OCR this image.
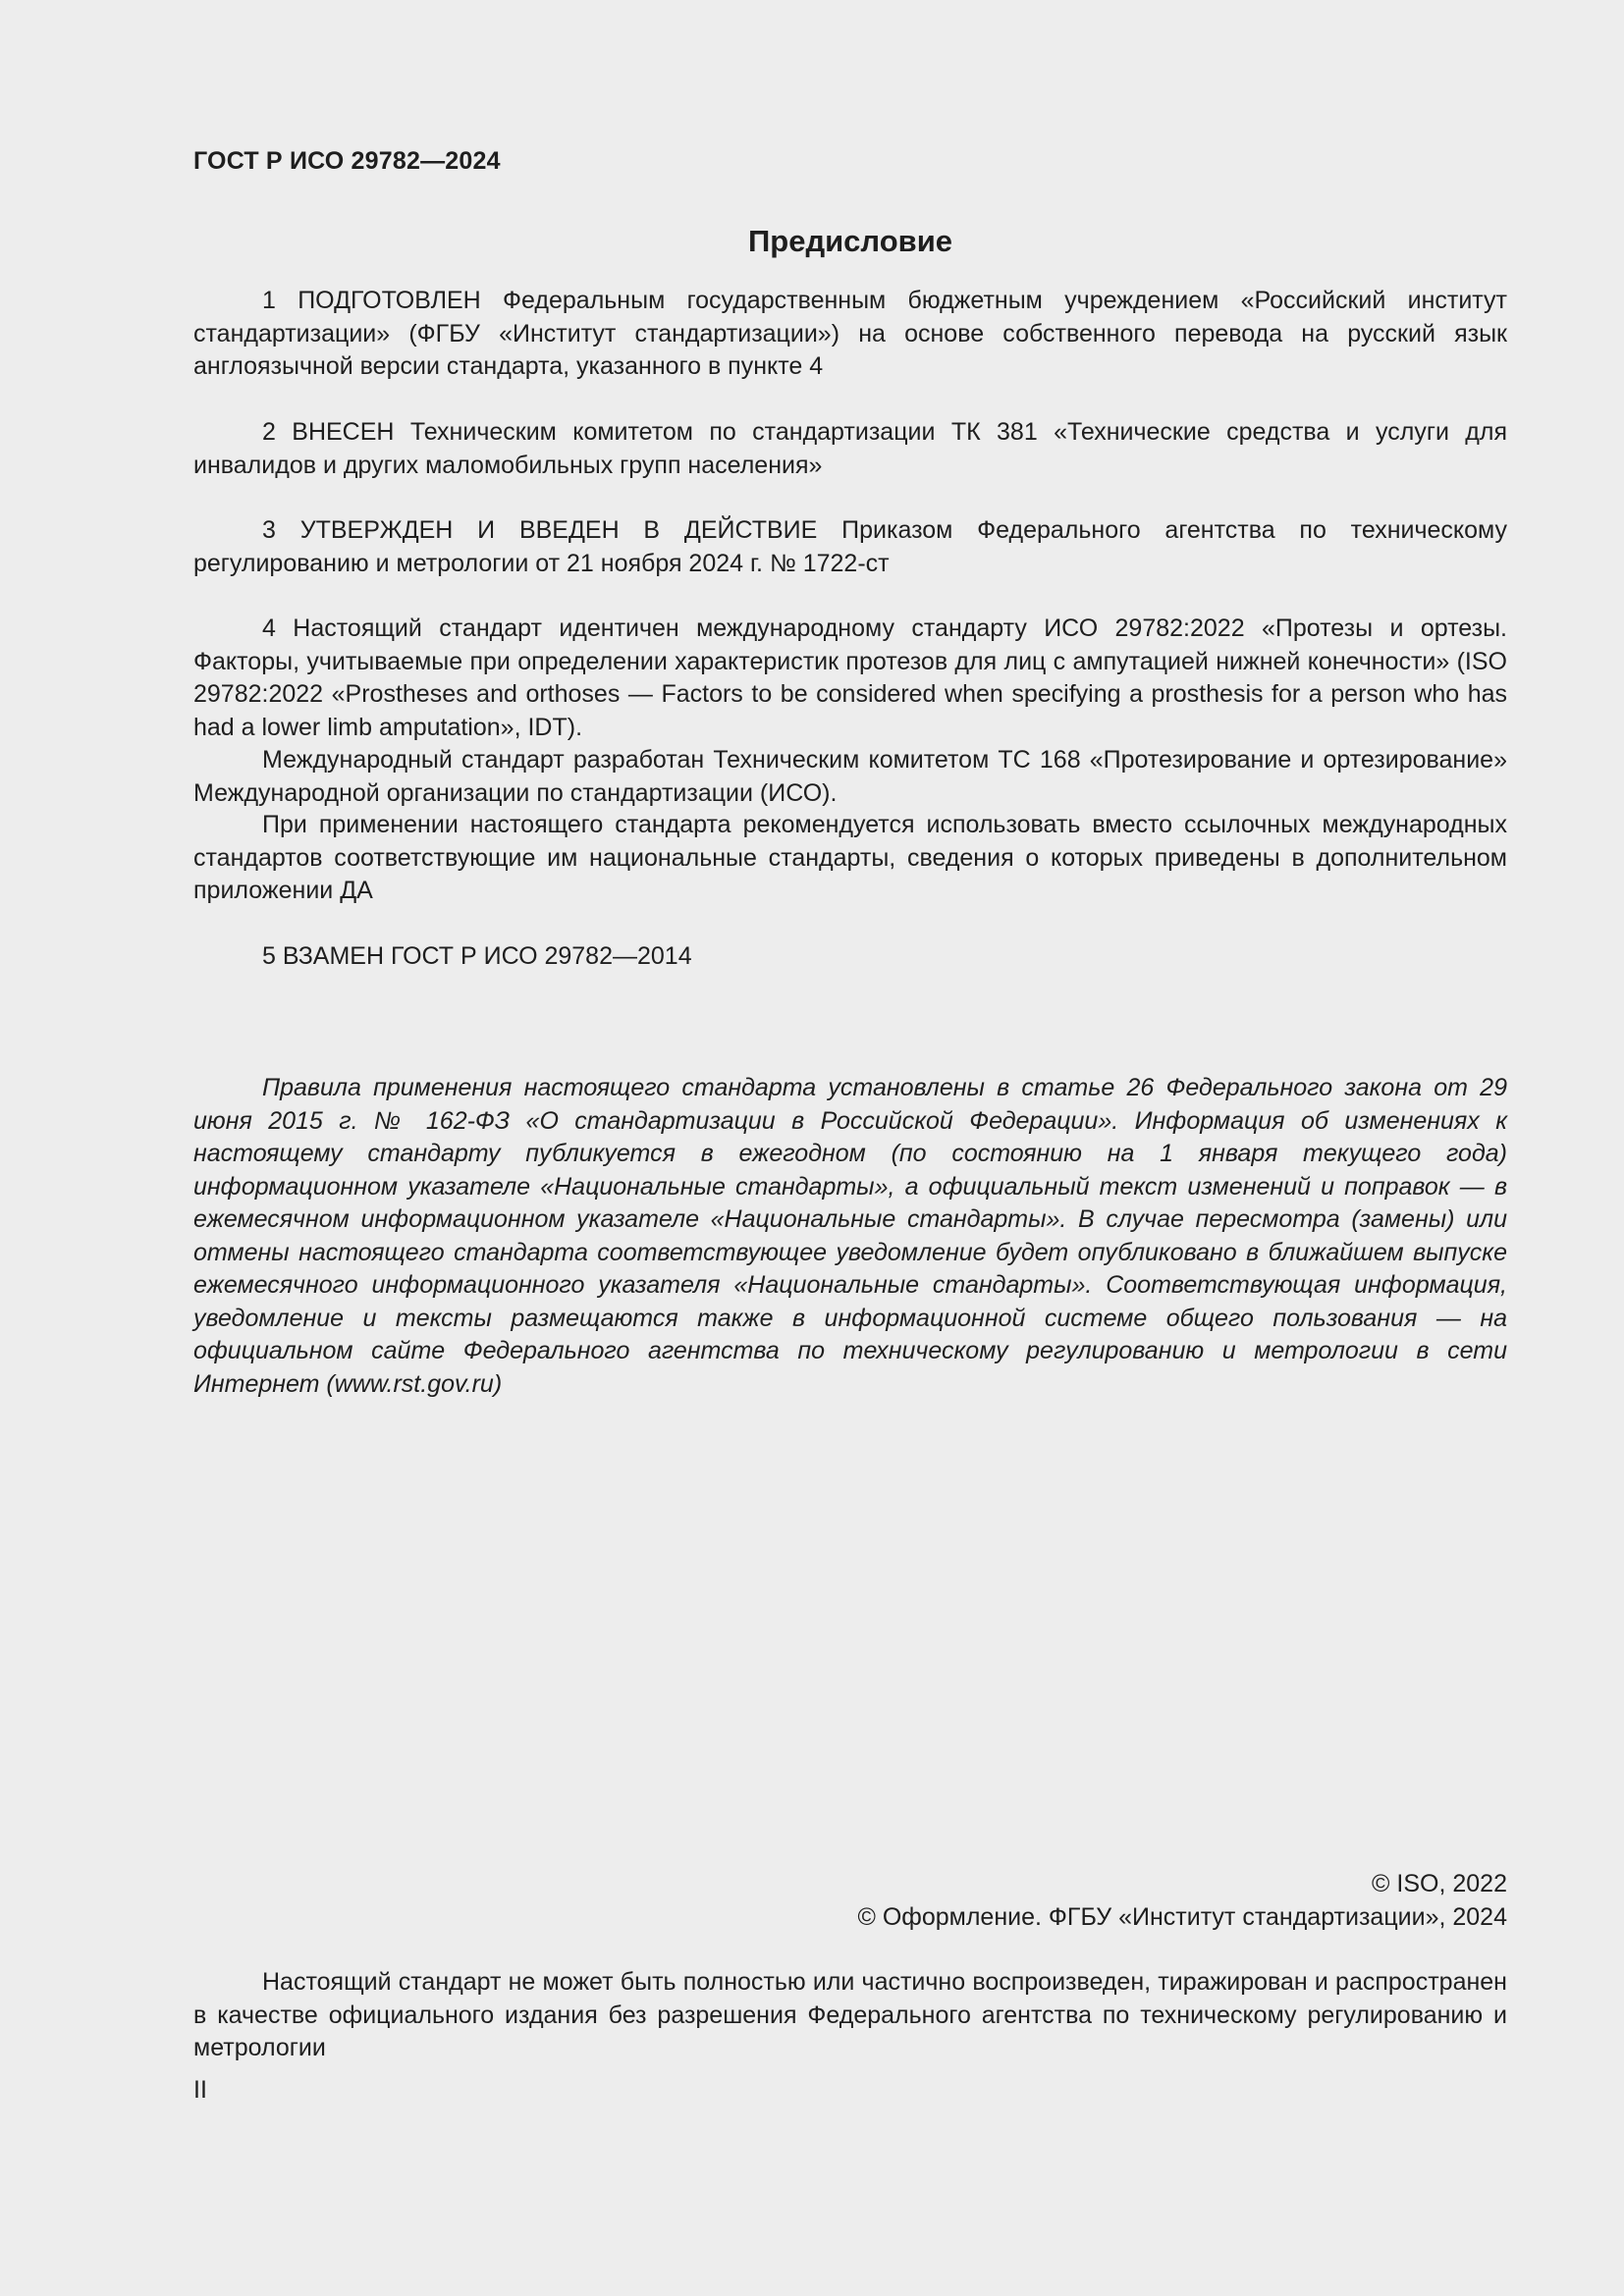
ГОСТ Р ИСО 29782—2024
Предисловие

1 ПОДГОТОВЛЕН Федеральным государственным бюджетным учреждением «Российский институт стандартизации» (ФГБУ «Институт стандартизации») на основе собственного перевода на русский язык англоязычной версии стандарта, указанного в пункте 4

2 ВНЕСЕН Техническим комитетом по стандартизации ТК 381 «Технические средства и услуги для инвалидов и других маломобильных групп населения»

3 УТВЕРЖДЕН И ВВЕДЕН В ДЕЙСТВИЕ Приказом Федерального агентства по техническому регулированию и метрологии от 21 ноября 2024 г. № 1722-ст

4 Настоящий стандарт идентичен международному стандарту ИСО 29782:2022 «Протезы и ортезы. Факторы, учитываемые при определении характеристик протезов для лиц с ампутацией нижней конечности» (ISO 29782:2022 «Prostheses and orthoses — Factors to be considered when specifying a prosthesis for a person who has had a lower limb amputation», IDT).

Международный стандарт разработан Техническим комитетом ТС 168 «Протезирование и ортезирование» Международной организации по стандартизации (ИСО).

При применении настоящего стандарта рекомендуется использовать вместо ссылочных международных стандартов соответствующие им национальные стандарты, сведения о которых приведены в дополнительном приложении ДА

5 ВЗАМЕН ГОСТ Р ИСО 29782—2014

Правила применения настоящего стандарта установлены в статье 26 Федерального закона от 29 июня 2015 г. № 162-ФЗ «О стандартизации в Российской Федерации». Информация об изменениях к настоящему стандарту публикуется в ежегодном (по состоянию на 1 января текущего года) информационном указателе «Национальные стандарты», а официальный текст изменений и поправок — в ежемесячном информационном указателе «Национальные стандарты». В случае пересмотра (замены) или отмены настоящего стандарта соответствующее уведомление будет опубликовано в ближайшем выпуске ежемесячного информационного указателя «Национальные стандарты». Соответствующая информация, уведомление и тексты размещаются также в информационной системе общего пользования — на официальном сайте Федерального агентства по техническому регулированию и метрологии в сети Интернет (www.rst.gov.ru)

© ISO, 2022

© Оформление. ФГБУ «Институт стандартизации», 2024

Настоящий стандарт не может быть полностью или частично воспроизведен, тиражирован и распространен в качестве официального издания без разрешения Федерального агентства по техническому регулированию и метрологии

II
